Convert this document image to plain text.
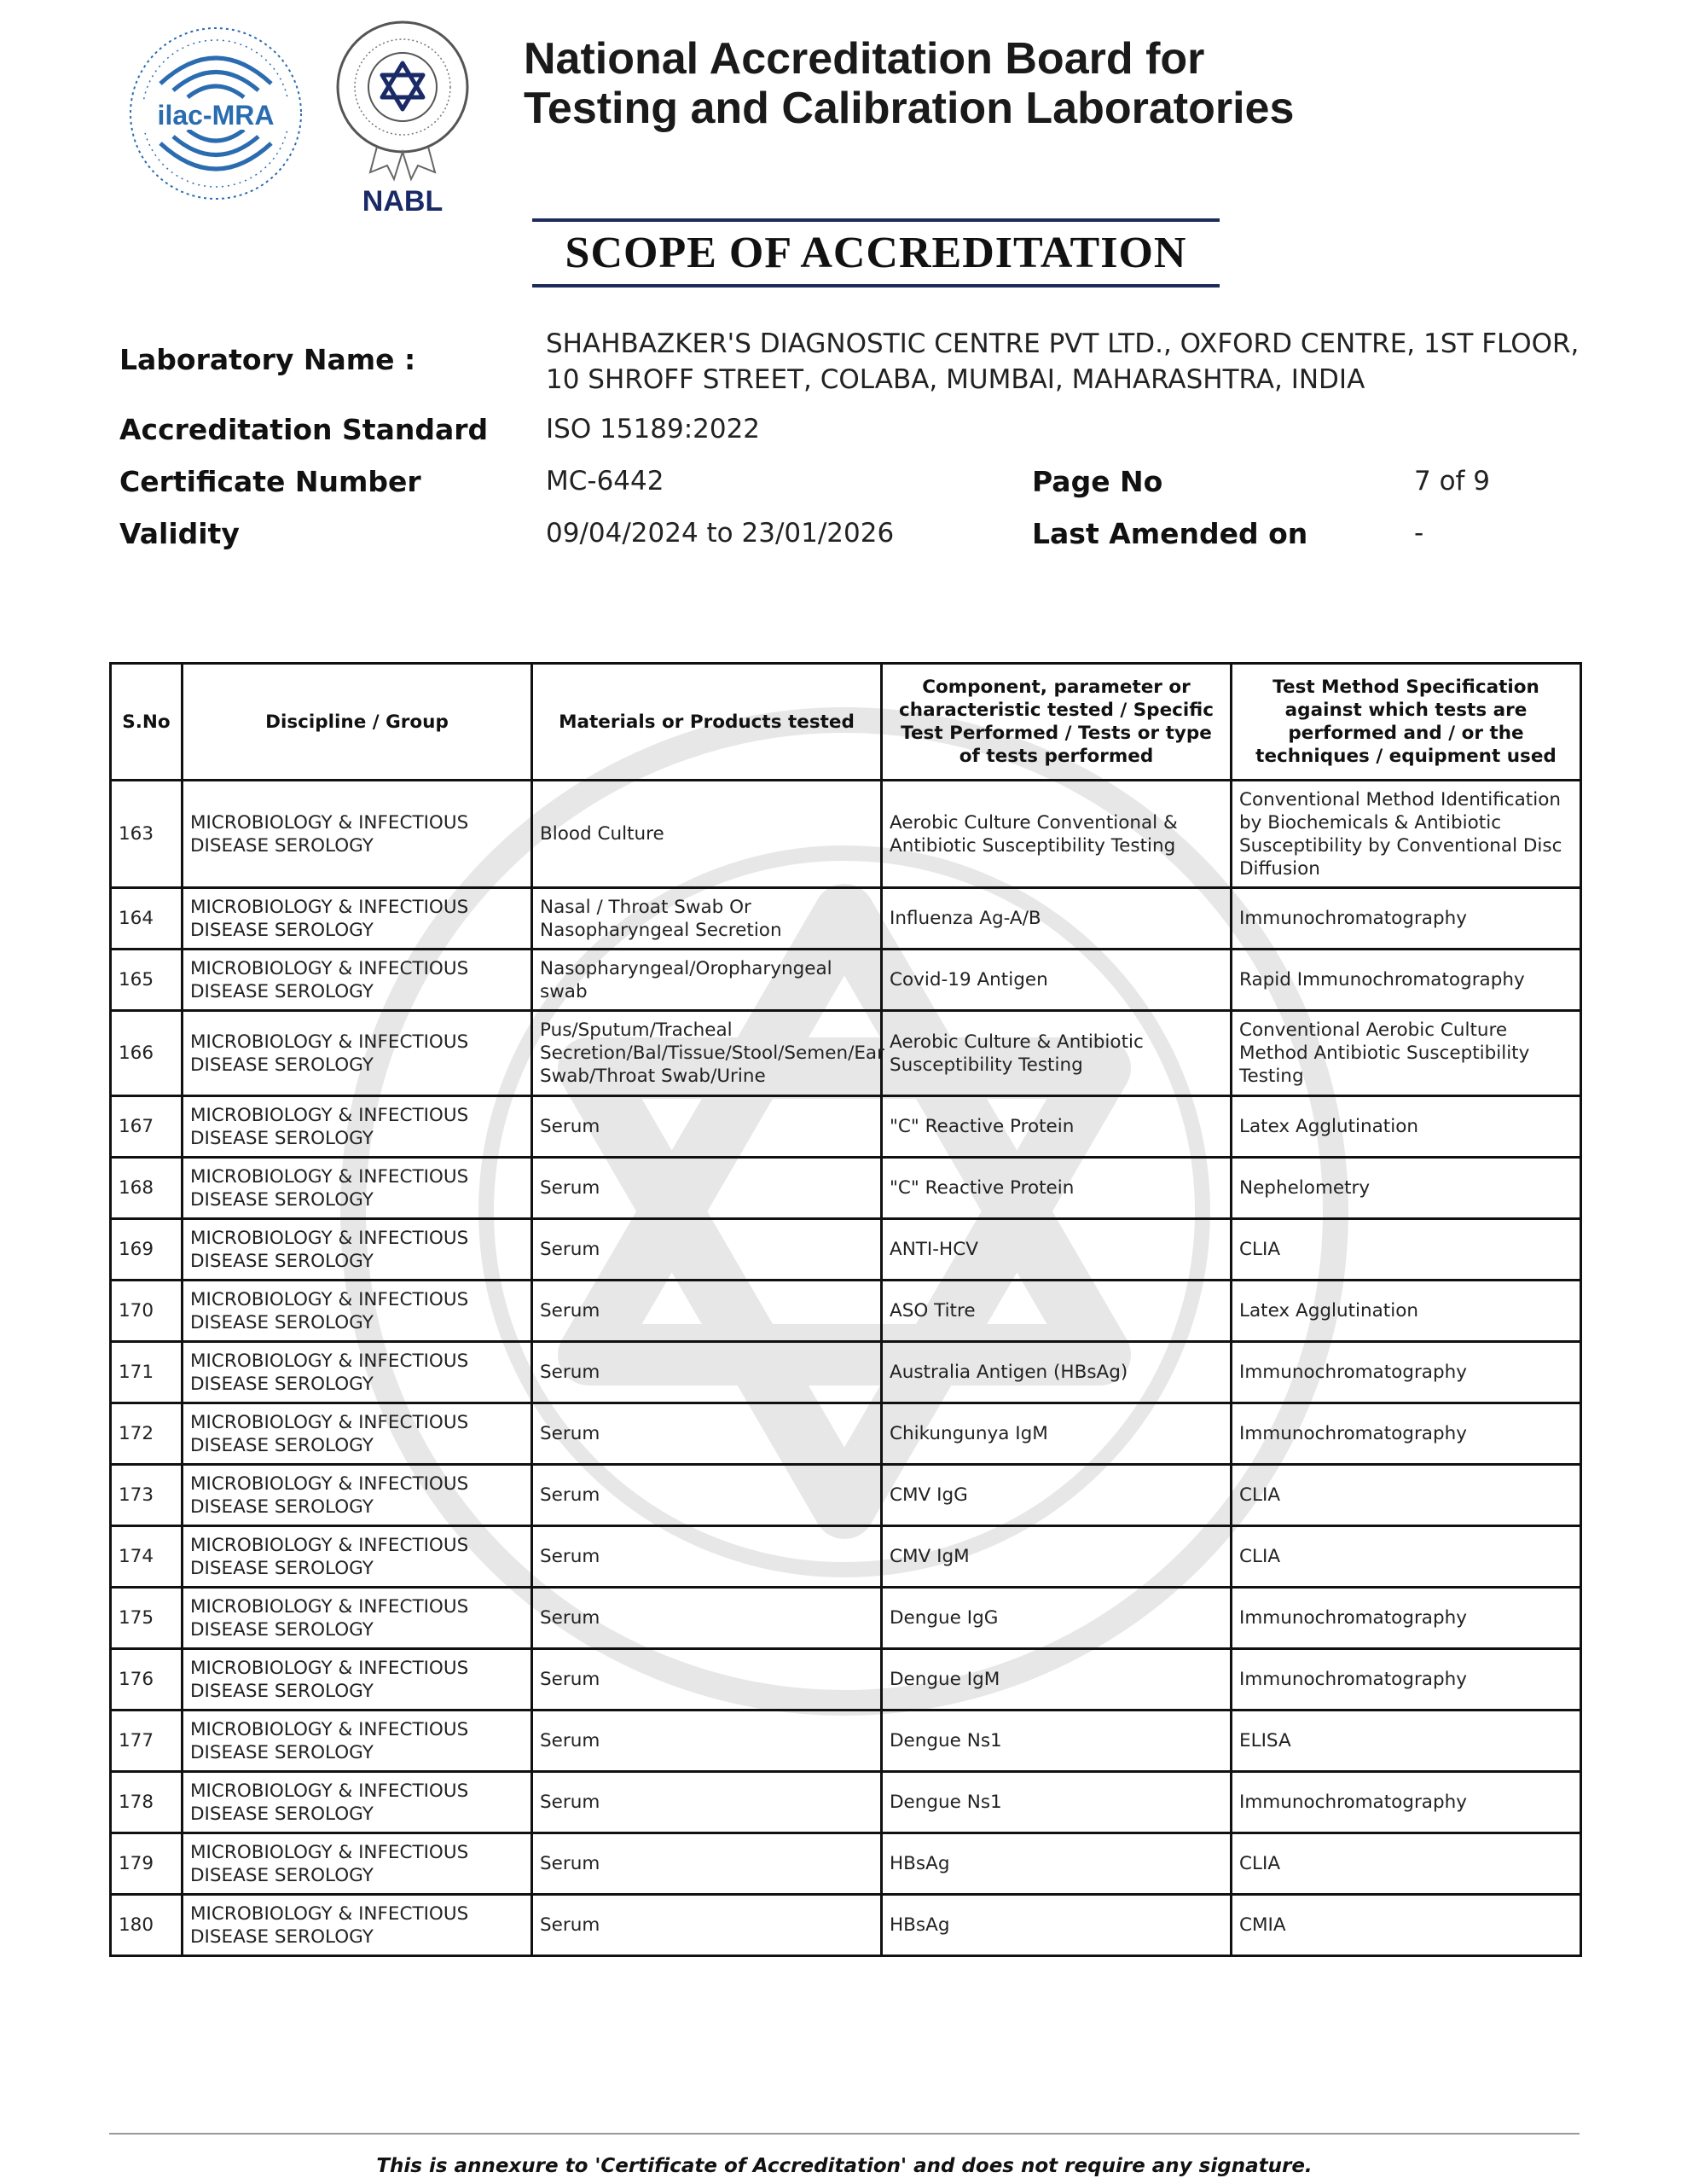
ilac-MRA
NABL
National Accreditation Board for
Testing and Calibration Laboratories
SCOPE OF ACCREDITATION
Laboratory Name :	SHAHBAZKER'S DIAGNOSTIC CENTRE PVT LTD., OXFORD CENTRE, 1ST FLOOR,
10 SHROFF STREET, COLABA, MUMBAI, MAHARASHTRA, INDIA
Accreditation Standard ISO 15189:2022
Certificate Number	MC-6442	Page No	7 of 9
Validity	09/04/2024 to 23/01/2026	Last Amended on	-
S.No	Discipline / Group	Materials or Products tested	Component, parameter or characteristic tested / Specific Test Performed / Tests or type of tests performed	Test Method Specification against which tests are performed and / or the techniques / equipment used
163	MICROBIOLOGY & INFECTIOUS DISEASE SEROLOGY	Blood Culture	Aerobic Culture Conventional & Antibiotic Susceptibility Testing	Conventional Method Identification by Biochemicals & Antibiotic Susceptibility by Conventional Disc Diffusion
164	MICROBIOLOGY & INFECTIOUS DISEASE SEROLOGY	Nasal / Throat Swab Or Nasopharyngeal Secretion	Influenza Ag-A/B	Immunochromatography
165	MICROBIOLOGY & INFECTIOUS DISEASE SEROLOGY	Nasopharyngeal/Oropharyngeal swab	Covid-19 Antigen	Rapid Immunochromatography
166	MICROBIOLOGY & INFECTIOUS DISEASE SEROLOGY	Pus/Sputum/Tracheal Secretion/Bal/Tissue/Stool/Semen/Ear Swab/Throat Swab/Urine	Aerobic Culture & Antibiotic Susceptibility Testing	Conventional Aerobic Culture Method Antibiotic Susceptibility Testing
167	MICROBIOLOGY & INFECTIOUS DISEASE SEROLOGY	Serum	"C" Reactive Protein	Latex Agglutination
168	MICROBIOLOGY & INFECTIOUS DISEASE SEROLOGY	Serum	"C" Reactive Protein	Nephelometry
169	MICROBIOLOGY & INFECTIOUS DISEASE SEROLOGY	Serum	ANTI-HCV	CLIA
170	MICROBIOLOGY & INFECTIOUS DISEASE SEROLOGY	Serum	ASO Titre	Latex Agglutination
171	MICROBIOLOGY & INFECTIOUS DISEASE SEROLOGY	Serum	Australia Antigen (HBsAg)	Immunochromatography
172	MICROBIOLOGY & INFECTIOUS DISEASE SEROLOGY	Serum	Chikungunya IgM	Immunochromatography
173	MICROBIOLOGY & INFECTIOUS DISEASE SEROLOGY	Serum	CMV IgG	CLIA
174	MICROBIOLOGY & INFECTIOUS DISEASE SEROLOGY	Serum	CMV IgM	CLIA
175	MICROBIOLOGY & INFECTIOUS DISEASE SEROLOGY	Serum	Dengue IgG	Immunochromatography
176	MICROBIOLOGY & INFECTIOUS DISEASE SEROLOGY	Serum	Dengue IgM	Immunochromatography
177	MICROBIOLOGY & INFECTIOUS DISEASE SEROLOGY	Serum	Dengue Ns1	ELISA
178	MICROBIOLOGY & INFECTIOUS DISEASE SEROLOGY	Serum	Dengue Ns1	Immunochromatography
179	MICROBIOLOGY & INFECTIOUS DISEASE SEROLOGY	Serum	HBsAg	CLIA
180	MICROBIOLOGY & INFECTIOUS DISEASE SEROLOGY	Serum	HBsAg	CMIA
This is annexure to 'Certificate of Accreditation' and does not require any signature.
